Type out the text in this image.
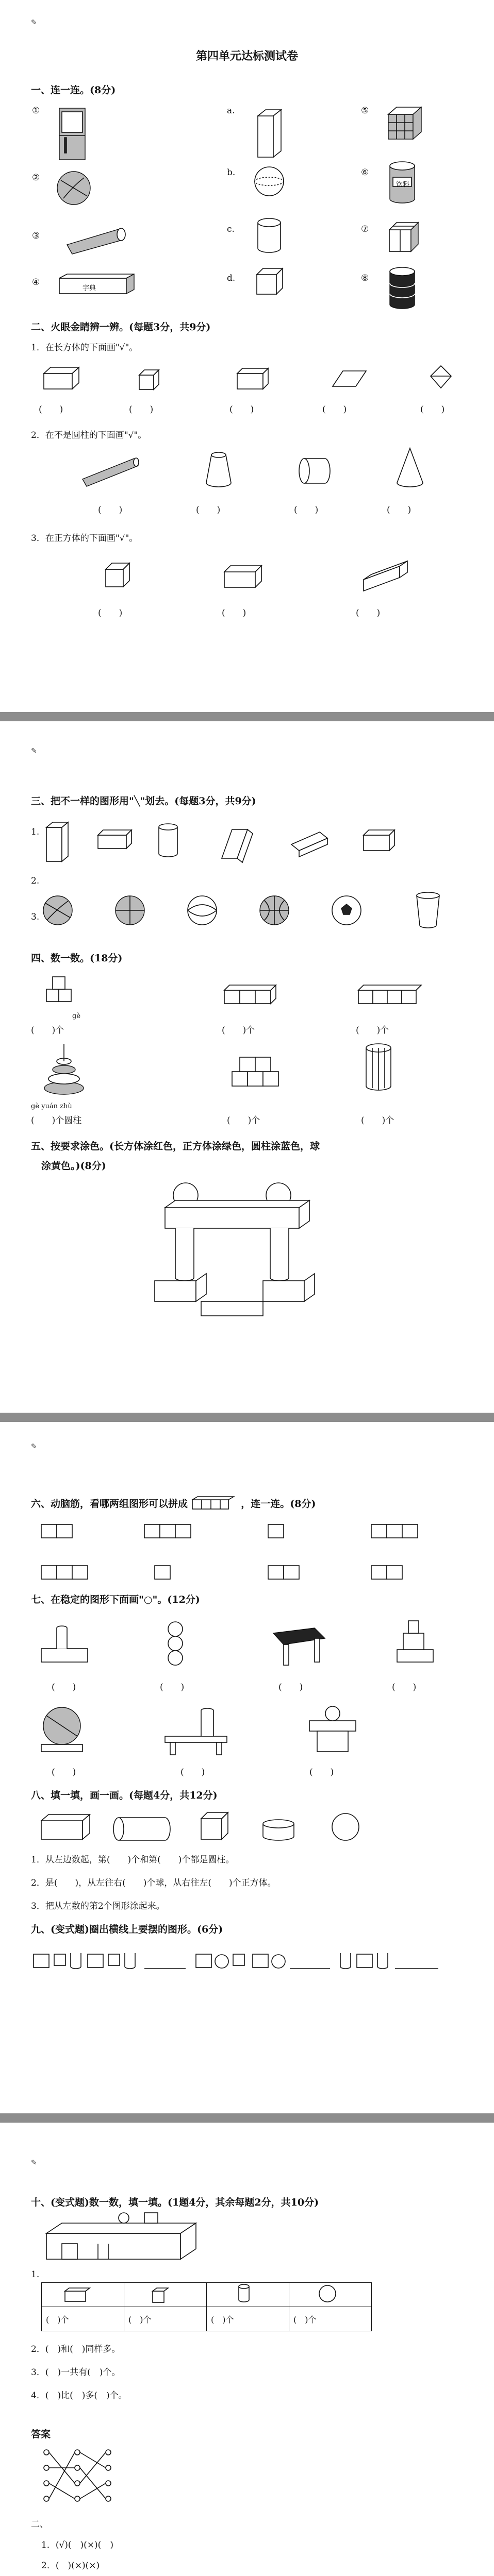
✎
第四单元达标测试卷
一、连一连。(8分)
①
②
③
④
字典
a.
b.
c.
d.
⑤
⑥
⑦
⑧
饮料
二、火眼金睛辨一辨。(每题3分，共9分)
1．在长方体的下面画"√"。
2．在不是圆柱的下面画"√"。
3．在正方体的下面画"√"。
(　　)	(　　)	(　　)	(　　)	(　　)
(　　)	(　　)	(　　)	(　　)
(　　)	(　　)	(　　)
✎
三、把不一样的图形用"╲"划去。(每题3分，共9分)
1.
2.
3.
四、数一数。(18分)
gè
(　　)个	(　　)个	(　　)个
gè yuán zhù
(　　)个圆柱	(　　)个	(　　)个
五、按要求涂色。(长方体涂红色，正方体涂绿色，圆柱涂蓝色，球
涂黄色。)(8分)
✎
六、动脑筋，看哪两组图形可以拼成	，连一连。(8分)
七、在稳定的图形下面画"○"。(12分)
(　　)	(　　)	(　　)	(　　)
(　　)	(　　)	(　　)
八、填一填，画一画。(每题4分，共12分)
1．从左边数起，第(　　)个和第(　　)个都是圆柱。
2．是(　　)，从左往右(　　)个球，从右往左(　　)个正方体。
3．把从左数的第2个图形涂起来。
九、(变式题)圈出横线上要摆的图形。(6分)
✎
十、(变式题)数一数，填一填。(1题4分，其余每题2分，共10分)
1.

(　)个	(　)个	(　)个	(　)个
2．(　)和(　)同样多。
3．(　)一共有(　)个。
4．(　)比(　)多(　)个。
答案
二、
1．(√)(　)(×)(　)
2．(　)(×)(×)
